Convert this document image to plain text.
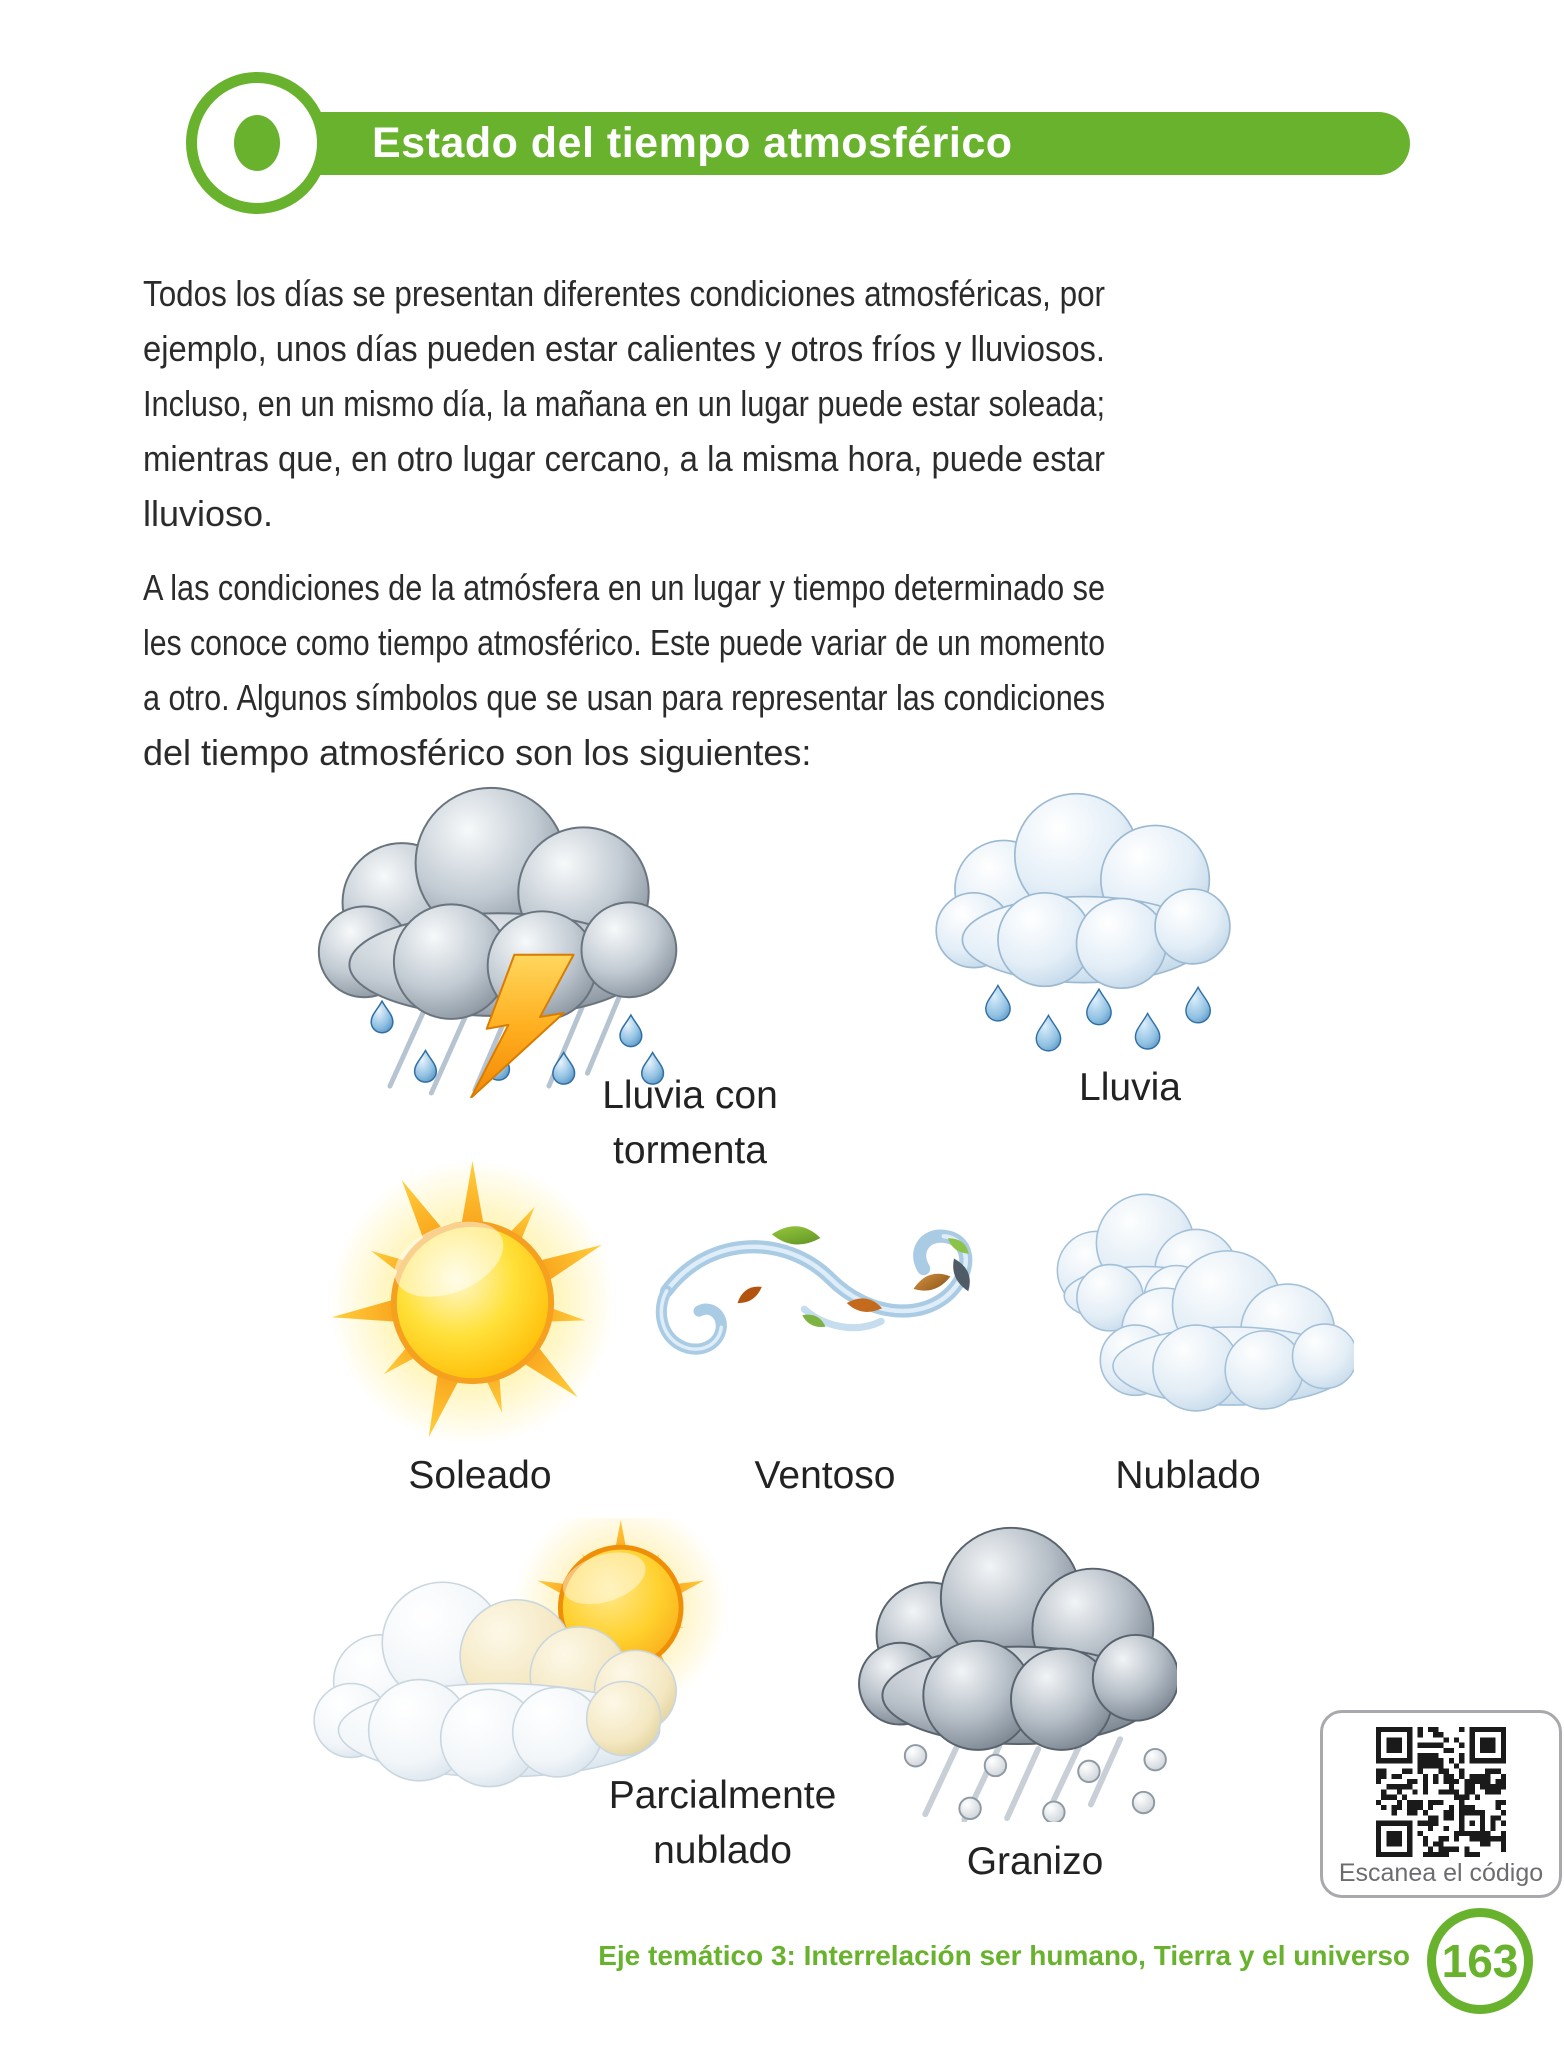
Estado del tiempo atmosférico
Todos los días se presentan diferentes condiciones atmosféricas, por
ejemplo, unos días pueden estar calientes y otros fríos y lluviosos.
Incluso, en un mismo día, la mañana en un lugar puede estar soleada;
mientras que, en otro lugar cercano, a la misma hora, puede estar
lluvioso.
A las condiciones de la atmósfera en un lugar y tiempo determinado se
les conoce como tiempo atmosférico. Este puede variar de un momento
a otro. Algunos símbolos que se usan para representar las condiciones
del tiempo atmosférico son los siguientes:
Lluvia con tormenta
Lluvia
Soleado	Ventoso	Nublado
Parcialmente nublado	Granizo	Escanea el código
Eje temático 3: Interrelación ser humano, Tierra y el universo 163
